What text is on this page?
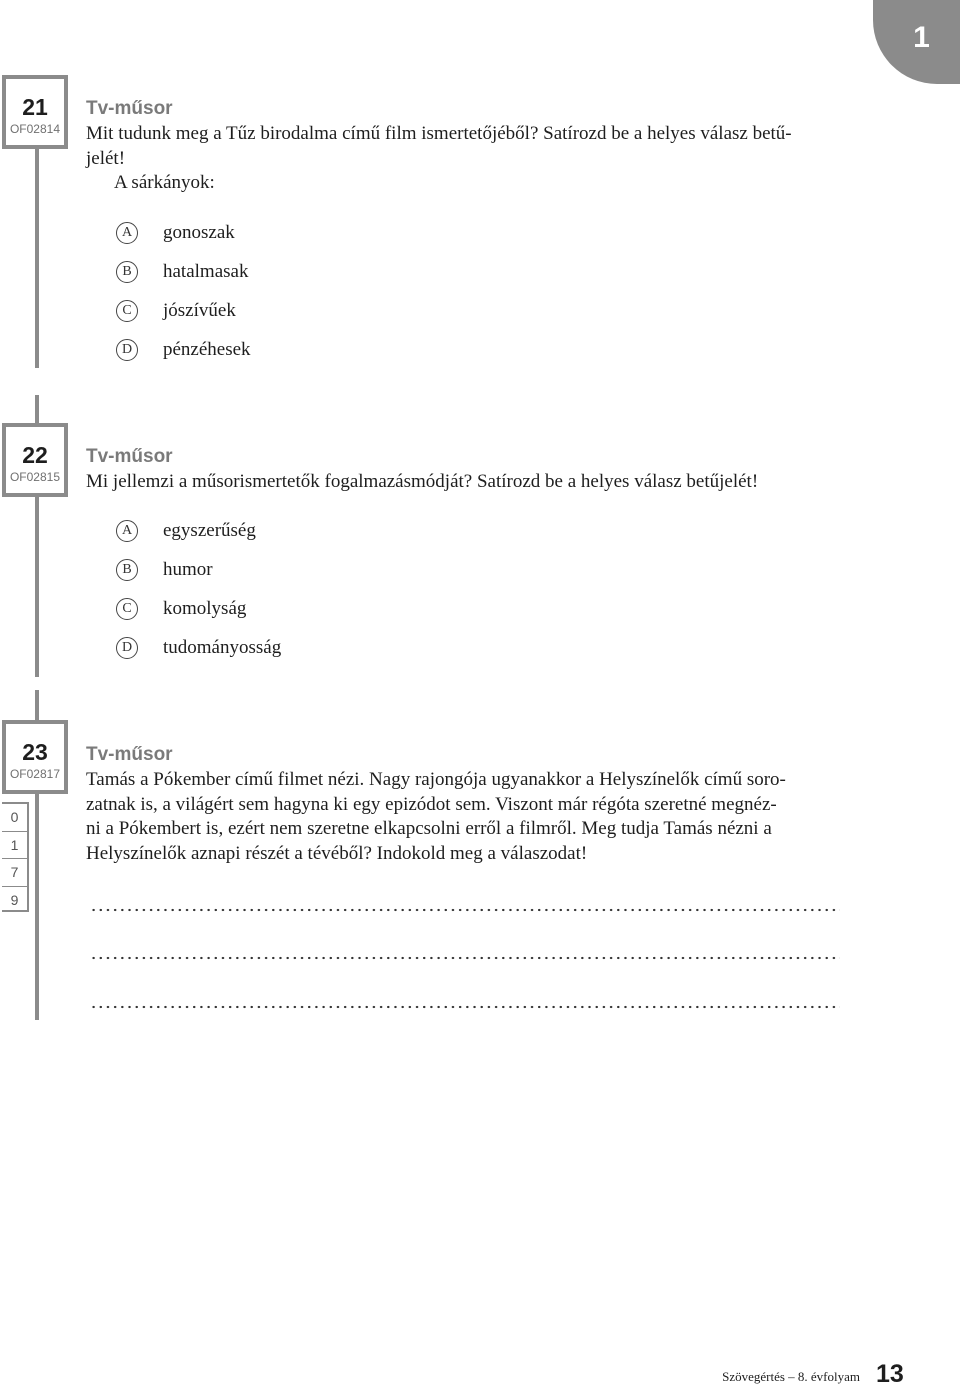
1
21
OF02814
Tv-műsor
Mit tudunk meg a Tűz birodalma című film ismertetőjéből? Satírozd be a helyes válasz betű-
jelét!
A sárkányok:
A	gonoszak
B	hatalmasak
C	jószívűek
D	pénzéhesek
22
OF02815
Tv-műsor
Mi jellemzi a műsorismertetők fogalmazásmódját? Satírozd be a helyes válasz betűjelét!
A	egyszerűség
B	humor
C	komolyság
D	tudományosság
23
OF02817
0
1
7
9
Tv-műsor
Tamás a Pókember című filmet nézi. Nagy rajongója ugyanakkor a Helyszínelők című soro-
zatnak is, a világért sem hagyna ki egy epizódot sem. Viszont már régóta szeretné megnéz-
ni a Pókembert is, ezért nem szeretne elkapcsolni erről a filmről. Meg tudja Tamás nézni a
Helyszínelők aznapi részét a tévéből? Indokold meg a válaszodat!
Szövegértés – 8. évfolyam 13
